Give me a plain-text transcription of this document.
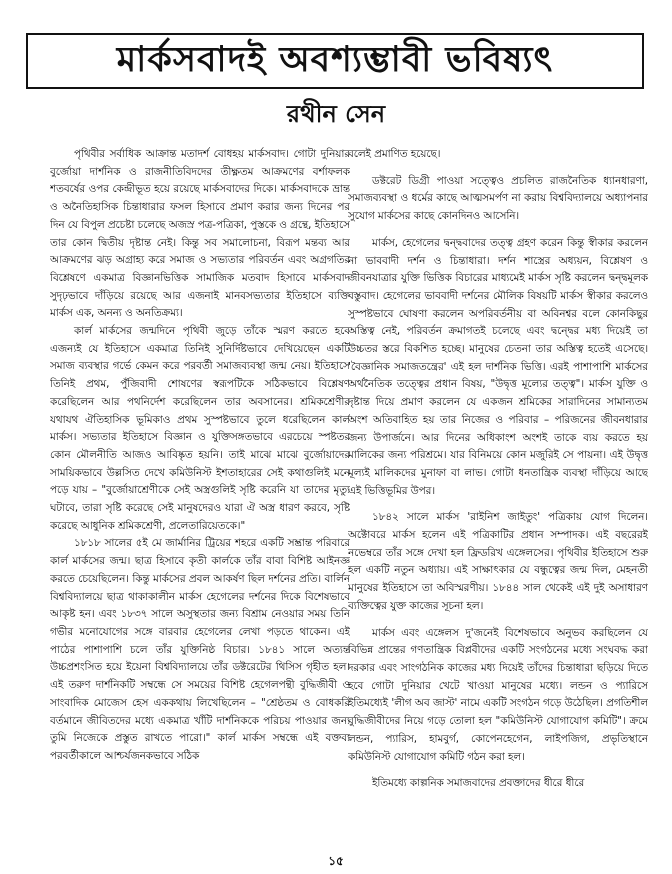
মার্কসবাদই অবশ্যম্ভাবী ভবিষ্যৎ
রথীন সেন

পৃথিবীর সর্বাধিক আক্রান্ত মতাদর্শ বোধহয় মার্কসবাদ। গোটা দুনিয়ার বুর্জোয়া দার্শনিক ও রাজনীতিবিদদের তীক্ষ্ণতম আক্রমণের বর্শাফলক শতবর্ষের ওপর কেন্দ্রীভূত হয়ে রয়েছে মার্কসবাদের দিকে। মার্কসবাদকে ভ্রান্ত ও অনৈতিহাসিক চিন্তাধারার ফসল হিসাবে প্রমাণ করার জন্য দিনের পর দিন যে বিপুল প্রচেষ্টা চলেছে অজস্র পত্র-পত্রিকা, পুস্তকে ও গ্রন্থে, ইতিহাসে তার কোন দ্বিতীয় দৃষ্টান্ত নেই। কিন্তু সব সমালোচনা, বিরূপ মন্তব্য আর আক্রমণের ঝড় অগ্রাহ্য করে সমাজ ও সভ্যতার পরিবর্তন এবং অগ্রগতির বিশ্লেষণে একমাত্র বিজ্ঞানভিত্তিক সামাজিক মতবাদ হিসাবে মার্কসবাদ সুদৃঢ়ভাবে দাঁড়িয়ে রয়েছে আর এজনাই মানবসভ্যতার ইতিহাসে ব্যক্তি মার্কস এক, অনন্য ও অনতিক্রম্য।

কার্ল মার্কসের জন্মদিনে পৃথিবী জুড়ে তাঁকে স্মরণ করতে হবে এজন্যই যে ইতিহাসে একমাত্র তিনিই সুনির্দিষ্টভাবে দেখিয়েছেন একটি সমাজ ব্যবস্থার গর্ভে কেমন করে পরবর্তী সমাজব্যবস্থা জন্ম নেয়। ইতিহাসে তিনিই প্রথম, পুঁজিবাদী শোষণের স্বরূপটিকে সঠিকভাবে বিশ্লেষণ করেছিলেন আর পথনির্দেশ করেছিলেন তার অবসানের। শ্রমিকশ্রেণীর যথাযথ ঐতিহাসিক ভূমিকাও প্রথম সুস্পষ্টভাবে তুলে ধরেছিলেন কার্ল মার্কস। সভ্যতার ইতিহাসে বিজ্ঞান ও যুক্তিসঙ্গতভাবে এরচেয়ে স্পষ্টতর কোন মৌলনীতি আজও আবিষ্কৃত হয়নি। তাই মাঝে মাঝে বুর্জোয়াদের সাময়িকভাবে উল্লসিত দেখে কমিউনিস্ট ইশতাহারের সেই কথাগুলিই মনে পড়ে যায় – "বুর্জোয়াশ্রেণীকে সেই অস্ত্রগুলিই সৃষ্টি করেনি যা তাদের মৃত্যু ঘটাবে, তারা সৃষ্টি করেছে সেই মানুষদেরও যারা ঐ অস্ত্র ধারণ করবে, সৃষ্টি করেছে আধুনিক শ্রমিকশ্রেণী, প্রলেতারিয়েতকে।"

১৮১৮ সালের ৫ই মে জার্মানির ট্রিয়ের শহরে একটি সম্ভ্রান্ত পরিবারে কার্ল মার্কসের জন্ম। ছাত্র হিসাবে কৃতী কার্লকে তাঁর বাবা বিশিষ্ট আইনজ্ঞ করতে চেয়েছিলেন। কিন্তু মার্কসের প্রবল আকর্ষণ ছিল দর্শনের প্রতি। বার্লিন বিশ্ববিদ্যালয়ে ছাত্র থাকাকালীন মার্কস হেগেলের দর্শনের দিকে বিশেষভাবে আকৃষ্ট হন। এবং ১৮৩৭ সালে অসুস্থতার জন্য বিশ্রাম নেওয়ার সময় তিনি গভীর মনোযোগের সঙ্গে বারবার হেগেলের লেখা পড়তে থাকেন। এই পাঠের পাশাপাশি চলে তাঁর যুক্তিনিষ্ঠ বিচার। ১৮৪১ সালে অত্যন্ত উচ্চপ্রশংসিত হয়ে ইয়েনা বিশ্ববিদ্যালয়ে তাঁর ডক্টরেটের থিসিস গৃহীত হল। এই তরুণ দার্শনিকটি সম্বন্ধে সে সময়ের বিশিষ্ট হেগেলপন্থী বুদ্ধিজীবী ও সাংবাদিক মোজেস হেস এককথায় লিখেছিলেন – "শ্রেষ্ঠতম ও বোধকরি বর্তমানে জীবিতদের মধ্যে একমাত্র খাঁটি দার্শনিককে পরিচয় পাওয়ার জন্য তুমি নিজেকে প্রস্তুত রাখতে পারো।" কার্ল মার্কস সম্বন্ধে এই বক্তব্য পরবর্তীকালে আশ্চর্যজনকভাবে সঠিক

বলেই প্রমাণিত হয়েছে।

ডক্টরেট ডিগ্রী পাওয়া সত্ত্বেও প্রচলিত রাজনৈতিক ধ্যানধারণা, সমাজব্যবস্থা ও ধর্মের কাছে আত্মসমর্পণ না করায় বিশ্ববিদ্যালয়ে অধ্যাপনার সুযোগ মার্কসের কাছে কোনদিনও আসেনি।

মার্কস, হেগেলের দ্বন্দ্ববাদের তত্ত্ব গ্রহণ করেন কিন্তু স্বীকার করলেন না ভাববাদী দর্শন ও চিন্তাধারা। দর্শন শাস্ত্রের অধ্যয়ন, বিশ্লেষণ ও জীবনযাত্রার যুক্তি ভিত্তিক বিচারের মাধ্যমেই মার্কস সৃষ্টি করলেন দ্বন্দ্বমূলক বস্তুবাদ। হেগেলের ভাববাদী দর্শনের মৌলিক বিষয়টি মার্কস স্বীকার করলেও সুস্পষ্টভাবে ঘোষণা করলেন অপরিবর্তনীয় বা অবিনশ্বর বলে কোনকিছুর অস্তিত্ব নেই, পরিবর্তন ক্রমাগতই চলেছে এবং দ্বন্দ্বের মধ্য দিয়েই তা উচ্চতর স্তরে বিকশিত হচ্ছে। মানুষের চেতনা তার অস্তিত্ব হতেই এসেছে। 'বৈজ্ঞানিক সমাজতন্ত্রের' এই হল দার্শনিক ভিত্তি। এরই পাশাপাশি মার্কসের অর্থনৈতিক তত্ত্বের প্রধান বিষয়, "উদ্বৃত্ত মূল্যের তত্ত্ব"। মার্কস যুক্তি ও দৃষ্টান্ত দিয়ে প্রমাণ করলেন যে একজন শ্রমিকের সারাদিনের সামান্যতম অংশ অতিবাহিত হয় তার নিজের ও পরিবার – পরিজনের জীবনধারার জন্য উপার্জনে। আর দিনের অধিকাংশ অংশই তাকে ব্যয় করতে হয় মালিকের জন্য পরিশ্রমে। যার বিনিময়ে কোন মজুরিই সে পায়না। এই উদ্বৃত্ত মূল্যই মালিকদের মুনাফা বা লাভ। গোটা ধনতান্ত্রিক ব্যবস্থা দাঁড়িয়ে আছে এই ভিত্তিভূমির উপর।

১৮৪২ সালে মার্কস 'রাইনিশ জাইতুং' পত্রিকায় যোগ দিলেন। অক্টোবরে মার্কস হলেন এই পত্রিকাটির প্রধান সম্পাদক। এই বছরেরই নভেম্বরে তাঁর সঙ্গে দেখা হল ফ্রিডরিখ এঙ্গেলসের। পৃথিবীর ইতিহাসে শুরু হল একটি নতুন অধ্যায়। এই সাক্ষাৎকার যে বন্ধুত্বের জন্ম দিল, মেহনতী মানুষের ইতিহাসে তা অবিস্মরণীয়। ১৮৪৪ সাল থেকেই এই দুই অসাধারণ ব্যক্তিত্বের যুক্ত কাজের সূচনা হল।

মার্কস এবং এঙ্গেলস দু'জনেই বিশেষভাবে অনুভব করছিলেন যে বিভিন্ন প্রান্তের গণতান্ত্রিক বিপ্লবীদের একটি সংগঠনের মধ্যে সংঘবদ্ধ করা দরকার এবং সাংগঠনিক কাজের মধ্য দিয়েই তাঁদের চিন্তাধারা ছড়িয়ে দিতে হবে গোটা দুনিয়ার খেটে খাওয়া মানুষের মধ্যে। লন্ডন ও প্যারিসে ইতিমধ্যেই 'লীগ অব জাস্ট' নামে একটি সংগঠন গড়ে উঠেছিল। প্রগতিশীল বুদ্ধিজীবীদের নিয়ে গড়ে তোলা হল "কমিউনিস্ট যোগাযোগ কমিটি"। ক্রমে লন্ডন, প্যারিস, হামবুর্গ, কোপেনহেগেন, লাইপজিগ, প্রভৃতিস্থানে কমিউনিস্ট যোগাযোগ কমিটি গঠন করা হল।

ইতিমধ্যে কাল্পনিক সমাজবাদের প্রবক্তাদের ধীরে ধীরে

১৫
